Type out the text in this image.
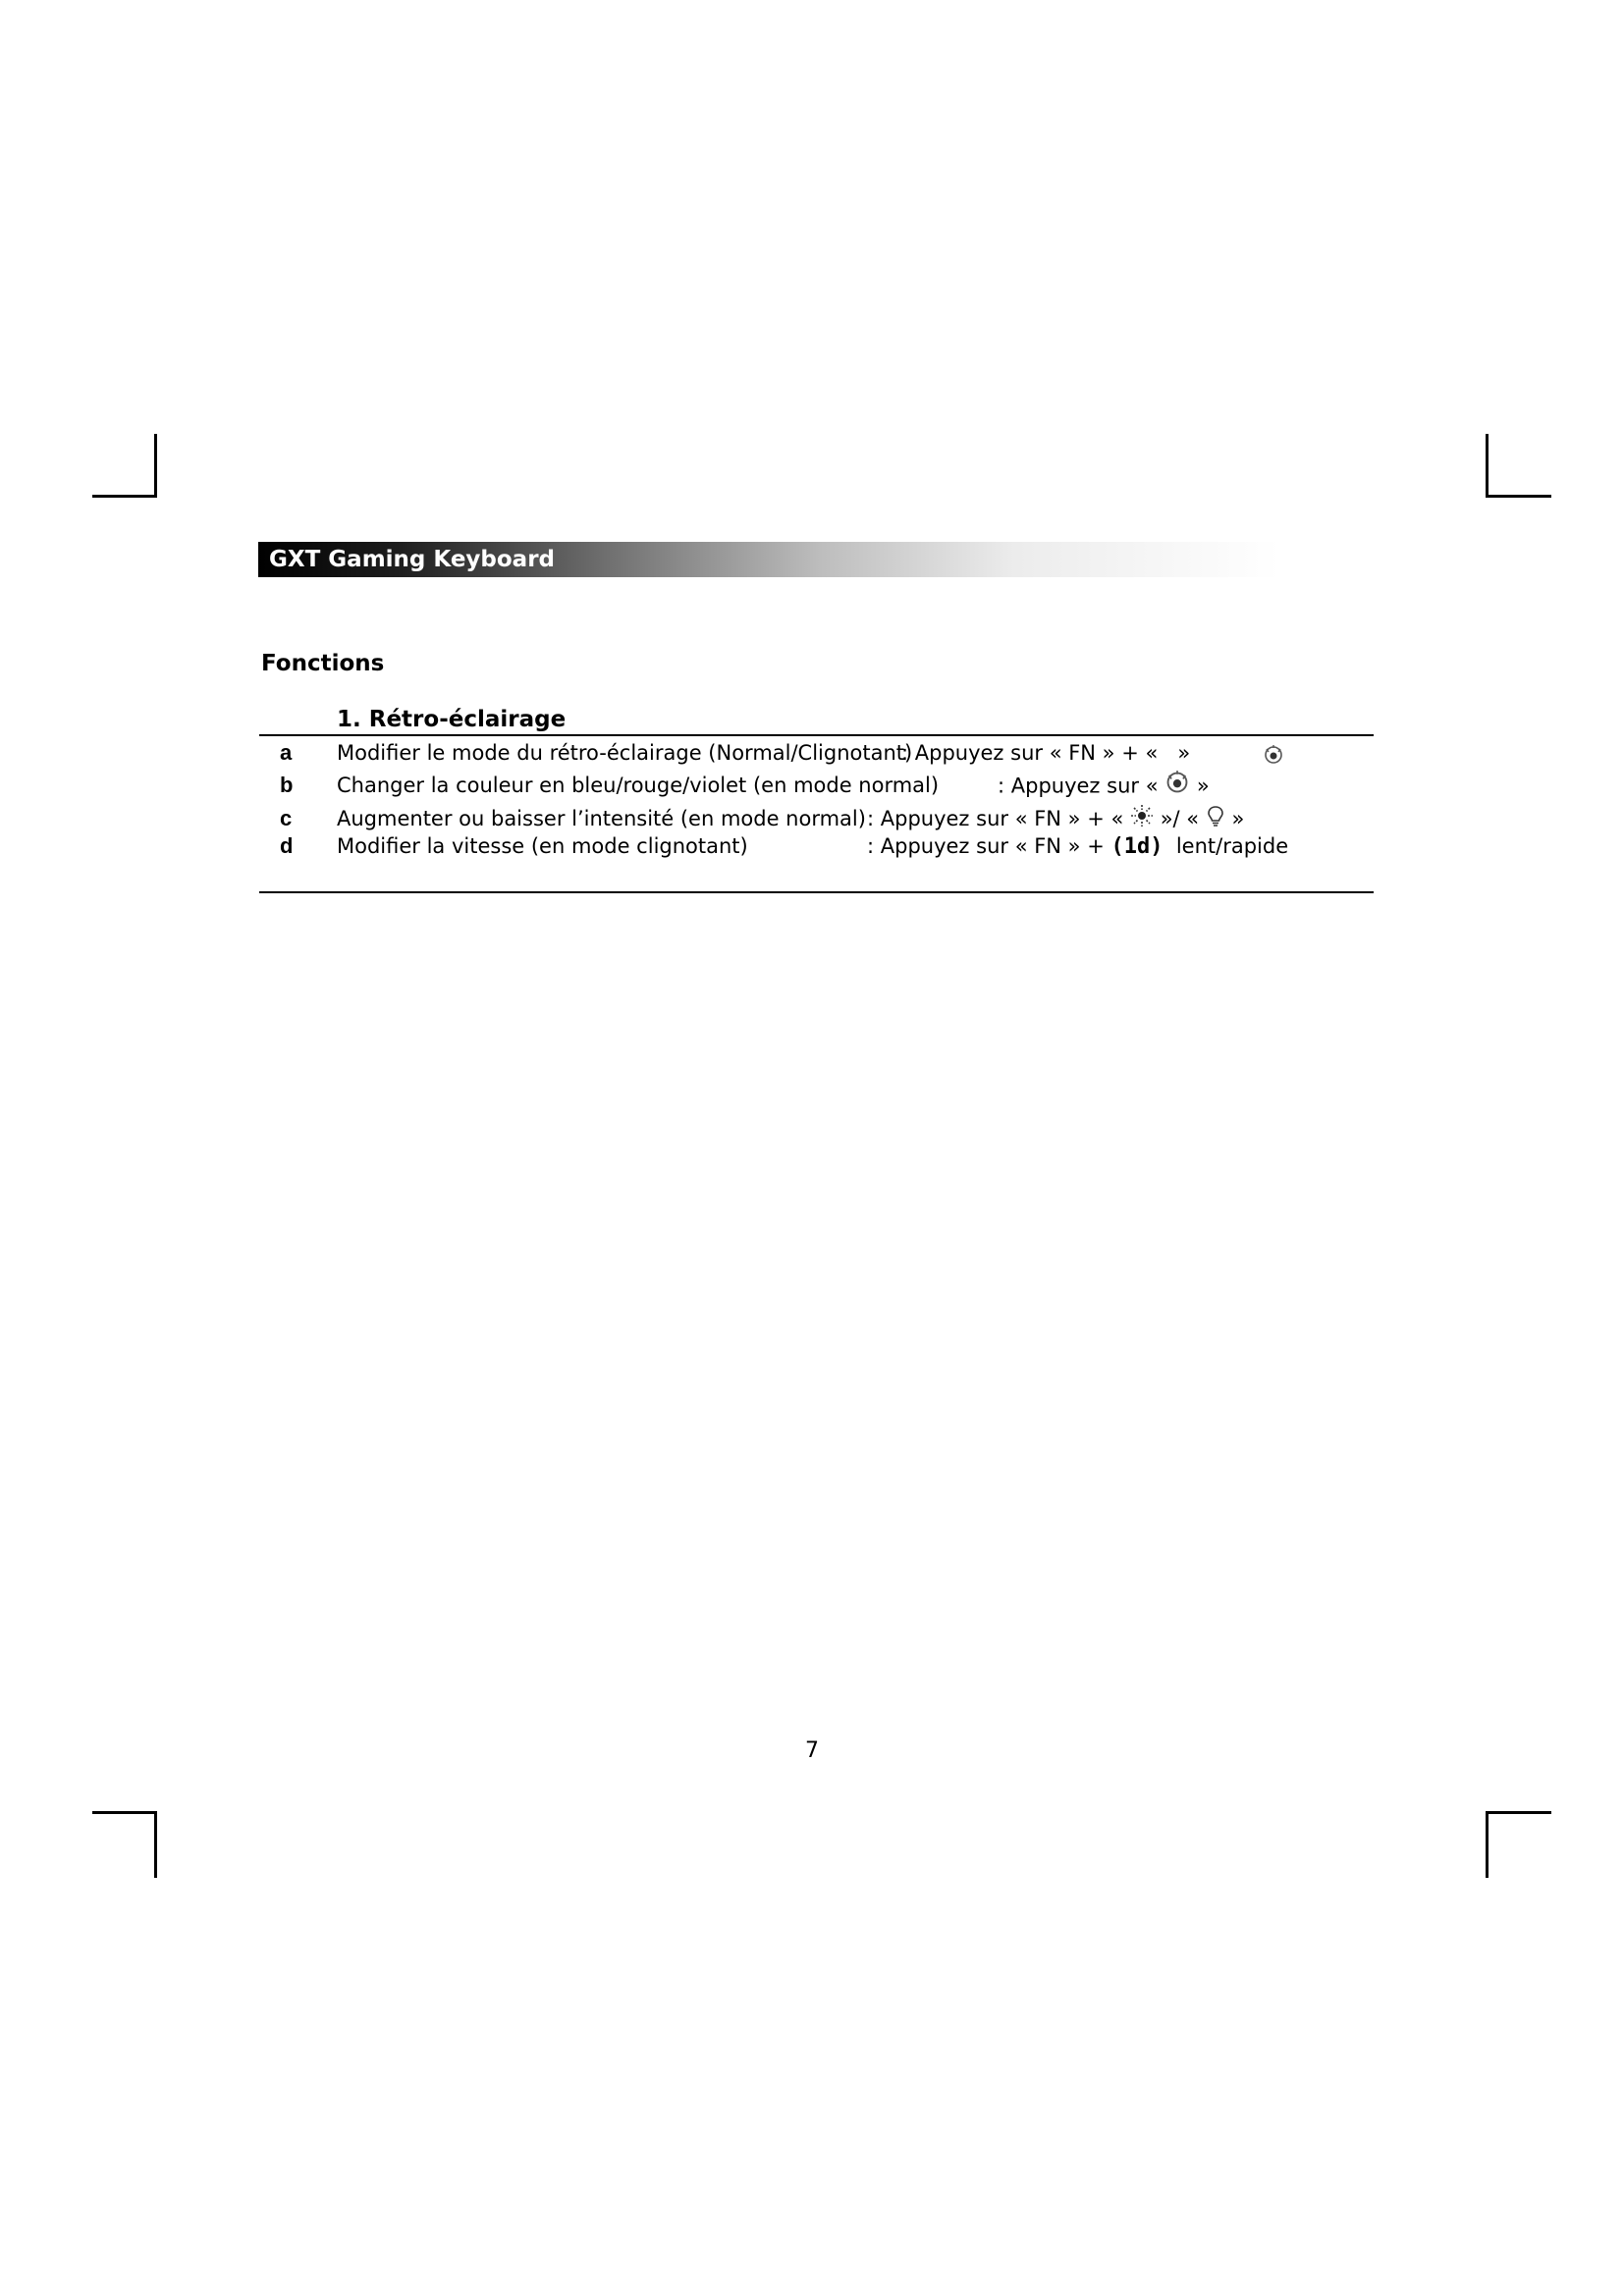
GXT Gaming Keyboard
Fonctions
1. Rétro-éclairage
a Modifier le mode du rétro-éclairage (Normal/Clignotant)
: Appuyez sur « FN » + « »
b Changer la couleur en bleu/rouge/violet (en mode normal)	: Appuyez sur « »
c Augmenter ou baisser l’intensité (en mode normal) : Appuyez sur « FN » + « »/ « »
d Modifier la vitesse (en mode clignotant)	: Appuyez sur « FN » + (1d) lent/rapide
7
